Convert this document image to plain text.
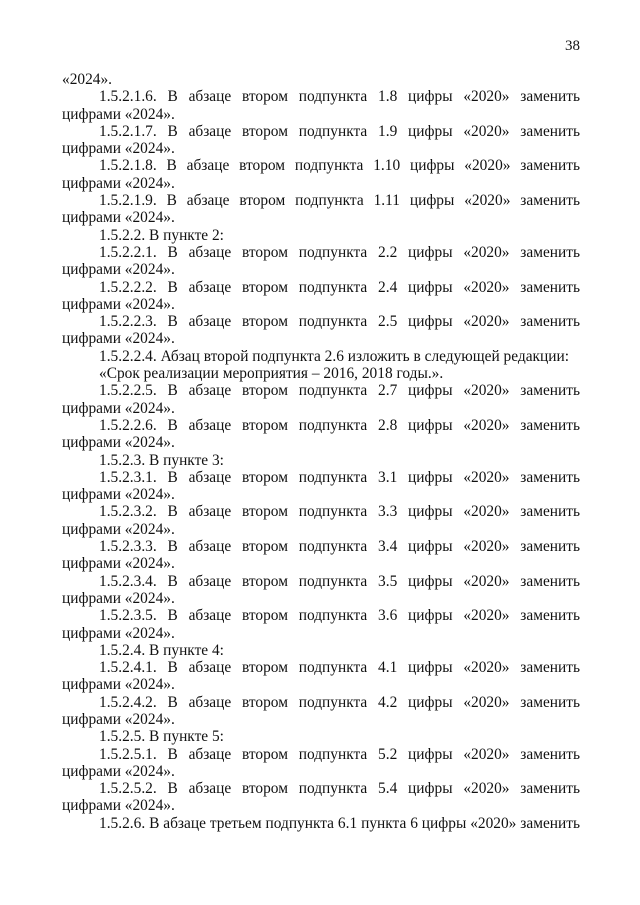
38

«2024».

1.5.2.1.6. В абзаце втором подпункта 1.8 цифры «2020» заменить цифрами «2024».

1.5.2.1.7. В абзаце втором подпункта 1.9 цифры «2020» заменить цифрами «2024».

1.5.2.1.8. В абзаце втором подпункта 1.10 цифры «2020» заменить цифрами «2024».

1.5.2.1.9. В абзаце втором подпункта 1.11 цифры «2020» заменить цифрами «2024».

1.5.2.2. В пункте 2:

1.5.2.2.1. В абзаце втором подпункта 2.2 цифры «2020» заменить цифрами «2024».

1.5.2.2.2. В абзаце втором подпункта 2.4 цифры «2020» заменить цифрами «2024».

1.5.2.2.3. В абзаце втором подпункта 2.5 цифры «2020» заменить цифрами «2024».

1.5.2.2.4. Абзац второй подпункта 2.6 изложить в следующей редакции:

«Срок реализации мероприятия – 2016, 2018 годы.».

1.5.2.2.5. В абзаце втором подпункта 2.7 цифры «2020» заменить цифрами «2024».

1.5.2.2.6. В абзаце втором подпункта 2.8 цифры «2020» заменить цифрами «2024».

1.5.2.3. В пункте 3:

1.5.2.3.1. В абзаце втором подпункта 3.1 цифры «2020» заменить цифрами «2024».

1.5.2.3.2. В абзаце втором подпункта 3.3 цифры «2020» заменить цифрами «2024».

1.5.2.3.3. В абзаце втором подпункта 3.4 цифры «2020» заменить цифрами «2024».

1.5.2.3.4. В абзаце втором подпункта 3.5 цифры «2020» заменить цифрами «2024».

1.5.2.3.5. В абзаце втором подпункта 3.6 цифры «2020» заменить цифрами «2024».

1.5.2.4. В пункте 4:

1.5.2.4.1. В абзаце втором подпункта 4.1 цифры «2020» заменить цифрами «2024».

1.5.2.4.2. В абзаце втором подпункта 4.2 цифры «2020» заменить цифрами «2024».

1.5.2.5. В пункте 5:

1.5.2.5.1. В абзаце втором подпункта 5.2 цифры «2020» заменить цифрами «2024».

1.5.2.5.2. В абзаце втором подпункта 5.4 цифры «2020» заменить цифрами «2024».

1.5.2.6. В абзаце третьем подпункта 6.1 пункта 6 цифры «2020» заменить
